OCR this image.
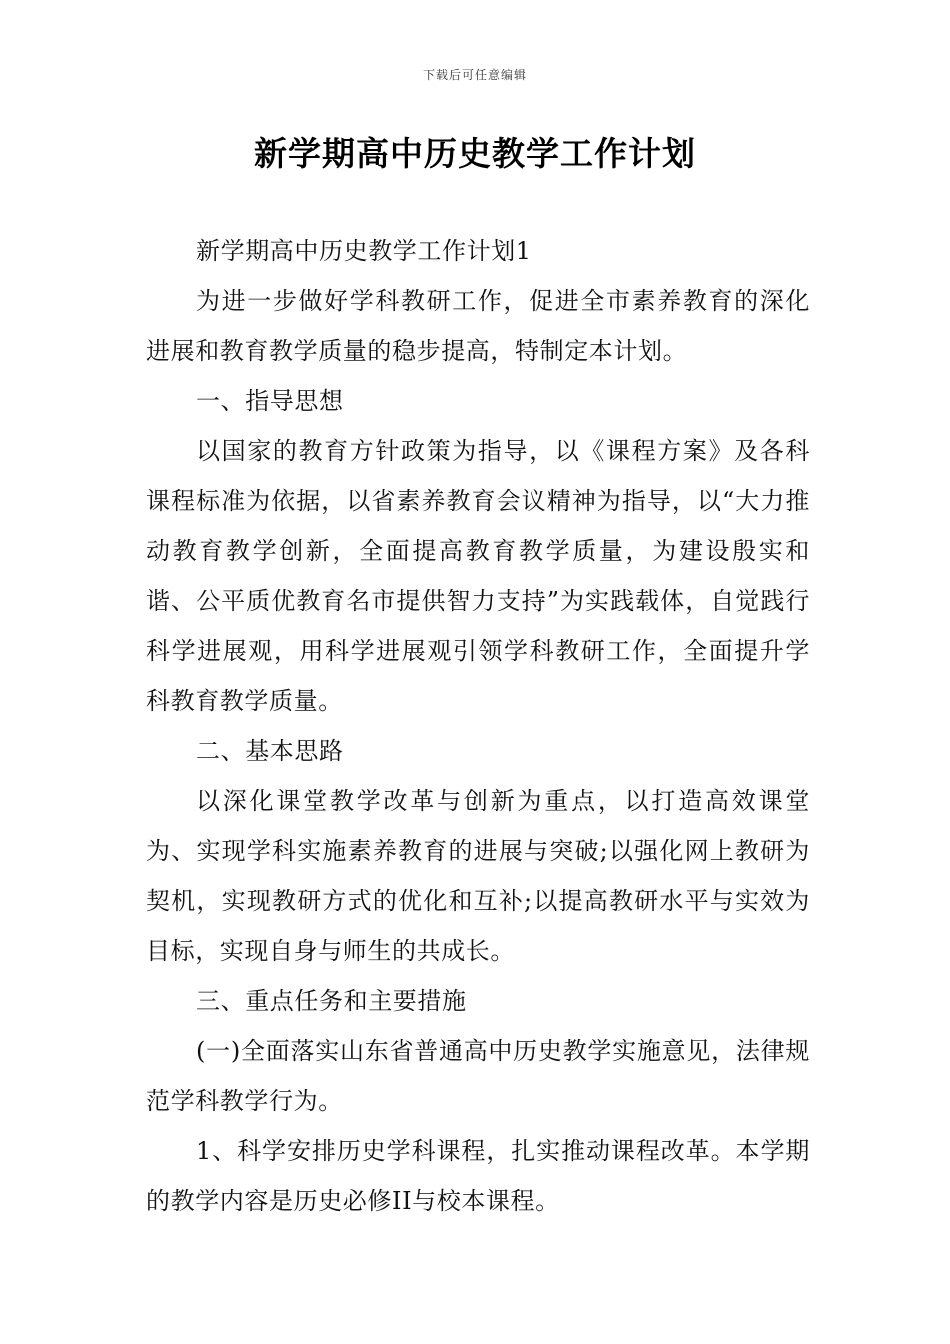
下载后可任意编辑
新学期高中历史教学工作计划

新学期高中历史教学工作计划1

为进一步做好学科教研工作，促进全市素养教育的深化进展和教育教学质量的稳步提高，特制定本计划。

一、指导思想

以国家的教育方针政策为指导，以《课程方案》及各科课程标准为依据，以省素养教育会议精神为指导，以“大力推动教育教学创新，全面提高教育教学质量，为建设殷实和谐、公平质优教育名市提供智力支持”为实践载体，自觉践行科学进展观，用科学进展观引领学科教研工作，全面提升学科教育教学质量。

二、基本思路

以深化课堂教学改革与创新为重点，以打造高效课堂为、实现学科实施素养教育的进展与突破;以强化网上教研为契机，实现教研方式的优化和互补;以提高教研水平与实效为目标，实现自身与师生的共成长。

三、重点任务和主要措施

(一)全面落实山东省普通高中历史教学实施意见，法律规范学科教学行为。

1、科学安排历史学科课程，扎实推动课程改革。本学期的教学内容是历史必修II与校本课程。
